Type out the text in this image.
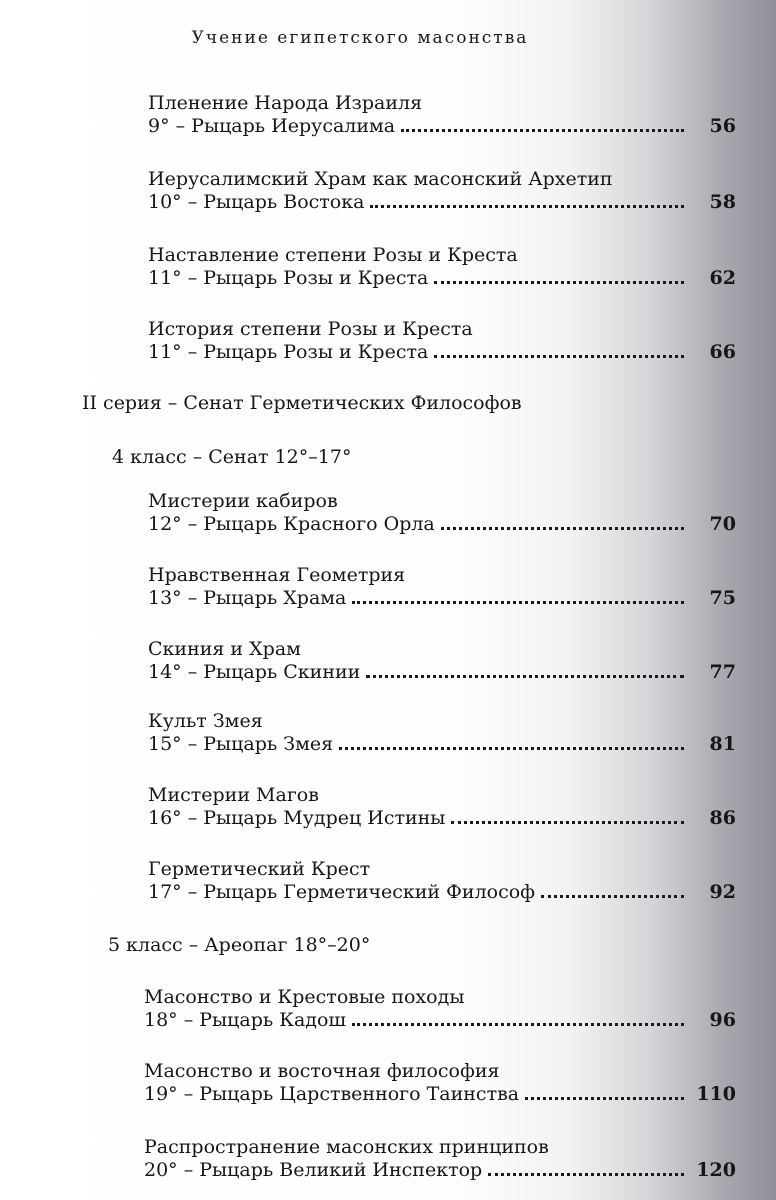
Учение египетского масонства
Пленение Народа Израиля
9° – Рыцарь Иерусалима	56
Иерусалимский Храм как масонский Архетип
10° – Рыцарь Востока	58
Наставление степени Розы и Креста
11° – Рыцарь Розы и Креста	62
История степени Розы и Креста
11° – Рыцарь Розы и Креста	66
II серия – Сенат Герметических Философов
4 класс – Сенат 12°–17°
Мистерии кабиров
12° – Рыцарь Красного Орла	70
Нравственная Геометрия
13° – Рыцарь Храма	75
Скиния и Храм
14° – Рыцарь Скинии	77
Культ Змея
15° – Рыцарь Змея	81
Мистерии Магов
16° – Рыцарь Мудрец Истины	86
Герметический Крест
17° – Рыцарь Герметический Философ	92
5 класс – Ареопаг 18°–20°
Масонство и Крестовые походы
18° – Рыцарь Кадош	96
Масонство и восточная философия
19° – Рыцарь Царственного Таинства	110
Распространение масонских принципов
20° – Рыцарь Великий Инспектор	120
